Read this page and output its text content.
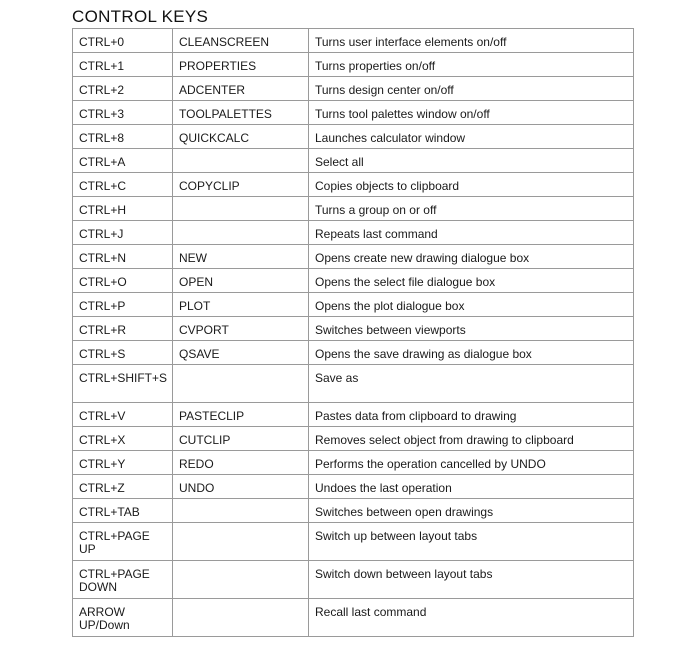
CONTROL KEYS
CTRL+0	CLEANSCREEN	Turns user interface elements on/off

CTRL+1	PROPERTIES	Turns properties on/off

CTRL+2	ADCENTER	Turns design center on/off

CTRL+3	TOOLPALETTES	Turns tool palettes window on/off

CTRL+8	QUICKCALC	Launches calculator window

CTRL+A		Select all

CTRL+C	COPYCLIP	Copies objects to clipboard

CTRL+H		Turns a group on or off

CTRL+J		Repeats last command

CTRL+N	NEW	Opens create new drawing dialogue box

CTRL+O	OPEN	Opens the select file dialogue box

CTRL+P	PLOT	Opens the plot dialogue box

CTRL+R	CVPORT	Switches between viewports

CTRL+S	QSAVE	Opens the save drawing as dialogue box

CTRL+SHIFT+S		Save as

CTRL+V	PASTECLIP	Pastes data from clipboard to drawing

CTRL+X	CUTCLIP	Removes select object from drawing to clipboard

CTRL+Y	REDO	Performs the operation cancelled by UNDO

CTRL+Z	UNDO	Undoes the last operation

CTRL+TAB		Switches between open drawings

CTRL+PAGE UP		Switch up between layout tabs

CTRL+PAGE DOWN		Switch down between layout tabs

ARROW UP/Down		Recall last command
